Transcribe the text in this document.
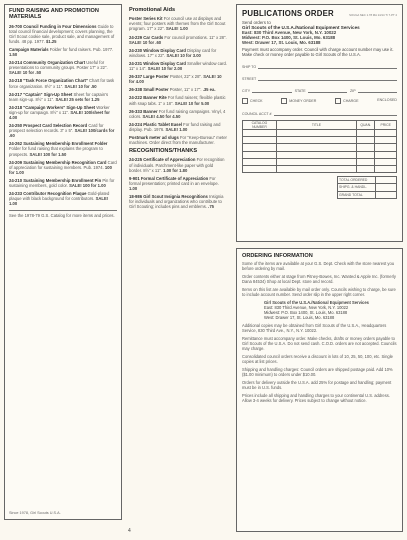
FUND RAISING AND PROMOTION MATERIALS
26-700 Council Funding in Four Dimensions Guide to total council financial development; covers planning, the Girl Scout cookie sale, product sale, and management of funds. 48 pp. 1977. $1.25
Campaign Materials Folder for fund raisers. Pub. 1977. 1.50
24-214 Community Organization Chart Useful for presentations to community groups. Poster 17" x 22". SALE! 10 for .50
24-218 "Task Force Organization Chart" Chart for task force organization. 8½" x 11". SALE! 10 for .50
24-217 "Captain" Sign-Up Sheet Sheet for captain's team sign-up. 8½" x 11". SALE! 25 sets for 1.25
24-218 "Campaign Workers" Sign-Up Sheet Worker sign-up for campaign. 8½" x 11". SALE! 100/sheet for 4.00
24-250 Prospect Card Selection Record Card for prospect selection records. 3" x 5". SALE! 100/cards for .60
24-262 Sustaining Membership Enrollment Folder Folder for fund raising that explains the program to prospects. SALE! 100 for 1.50
24-209 Sustaining Membership Recognition Card Card of appreciation for sustaining members. Pub. 1974. 100 for 1.00
24-210 Sustaining Membership Enrollment Pin Pin for sustaining members, gold color. SALE! 100 for 1.00
24-233 Contributor Recognition Plaque Gold-plated plaque with black background for contributors. SALE! 1.00
See the 1978-79 G.S. Catalog for more items and prices.
Since 1978, Girl Scouts U.S.A.
Promotional Aids
Poster Series Kit For council use at displays and events; four posters with themes from the Girl Scout program. 17" x 22". SALE! 1.00
24-229 Car Cards For council promotions. 11" x 28". SALE! 10 for .60
24-230 Window Display Card Display card for windows. 17" x 22". SALE! 10 for 3.00
24-231 Window Display Card Smaller window card. 11" x 14". SALE! 10 for 2.00
26-337 Large Poster Poster, 22" x 28". SALE! 10 for 4.00
26-338 Small Poster Poster, 11" x 17". .35 ea.
24-222 Banner Rite For fund raisers; flexible plastic with snap tabs. 1" x 18". SALE! 10 for 5.00
26-333 Banner For fund raising campaigns. Vinyl, 4 colors. SALE! 4.50 for 4.50
24-224 Plastic Tablet Easel For fund raising and display. Pub. 1976. SALE! 1.00
Postmark meter ad slugs For "Keep-Bureau" meter machines. Order direct from the manufacturer.
RECOGNITIONS/THANKS
24-225 Certificate of Appreciation For recognition of individuals. Parchment-like paper with gold border. 8½" x 11". 1.00 for 1.80
9-901 Formal Certificate of Appreciation For formal presentation; printed card in an envelope. 1.00
18-986 Girl Scout Insignia Recognitions Insignia for individuals and organizations who contribute to Girl Scouting; includes pins and emblems. .75
PUBLICATIONS ORDER	SOUGA NEC 1.78 MA 14/14 Tr 7-PT 2
Send orders to
Girl Scouts of the U.S.A./National Equipment Services
East: 830 Third Avenue, New York, N.Y. 10022
Midwest: P.O. Box 1400, St. Louis, Mo. 63188
West: Drawer 17, St. Louis, Mo. 63188
Payment must accompany order. Council with charge account number may use it. Make check or money order payable to Girl Scouts of the U.S.A.
SHIP TO
STREET
CITY	STATE	ZIP
CHECK	MONEY ORDER	CHARGE	ENCLOSED
COUNCIL ACCT #
CATALOG NUMBER	TITLE	QUAN.	PRICE

TOTAL ORDERED	
SHIPG. & HANDL.	
GRAND TOTAL	
ORDERING INFORMATION
Some of the items are available at your G.S. Dept. Check with the store nearest you before ordering by mail.
Order contents either at stage from Pitney-Bowes, Inc. Wanted & Apple Inc. (formerly Dana 84534) Shop at local Dept. store and record.
Items on this list are available by mail order only. Councils wishing to charge, be sure to include account number. Send order slip in the upper right corner.
Girl Scouts of the U.S.A./National Equipment Services
East: 830 Third Avenue, New York, N.Y. 10022
Midwest: P.O. Box 1400, St. Louis, Mo. 63188
West: Drawer 17, St. Louis, Mo. 63188
Additional copies may be obtained from Girl Scouts of the U.S.A., Headquarters Service, 830 Third Ave., N.Y., N.Y. 10022.
Remittance must accompany order. Make checks, drafts or money orders payable to Girl Scouts of the U.S.A. Do not send cash. C.O.D. orders are not accepted. Councils may charge.
Consolidated council orders receive a discount in lots of 10, 25, 50, 100, etc. Single copies at list prices.
Shipping and handling charges: Council orders are shipped postage paid. Add 10% ($1.00 minimum) to orders under $10.00.
Orders for delivery outside the U.S.A. add 25% for postage and handling; payment must be in U.S. funds.
Prices include all shipping and handling charges to your continental U.S. address. Allow 3-4 weeks for delivery. Prices subject to change without notice.
4
